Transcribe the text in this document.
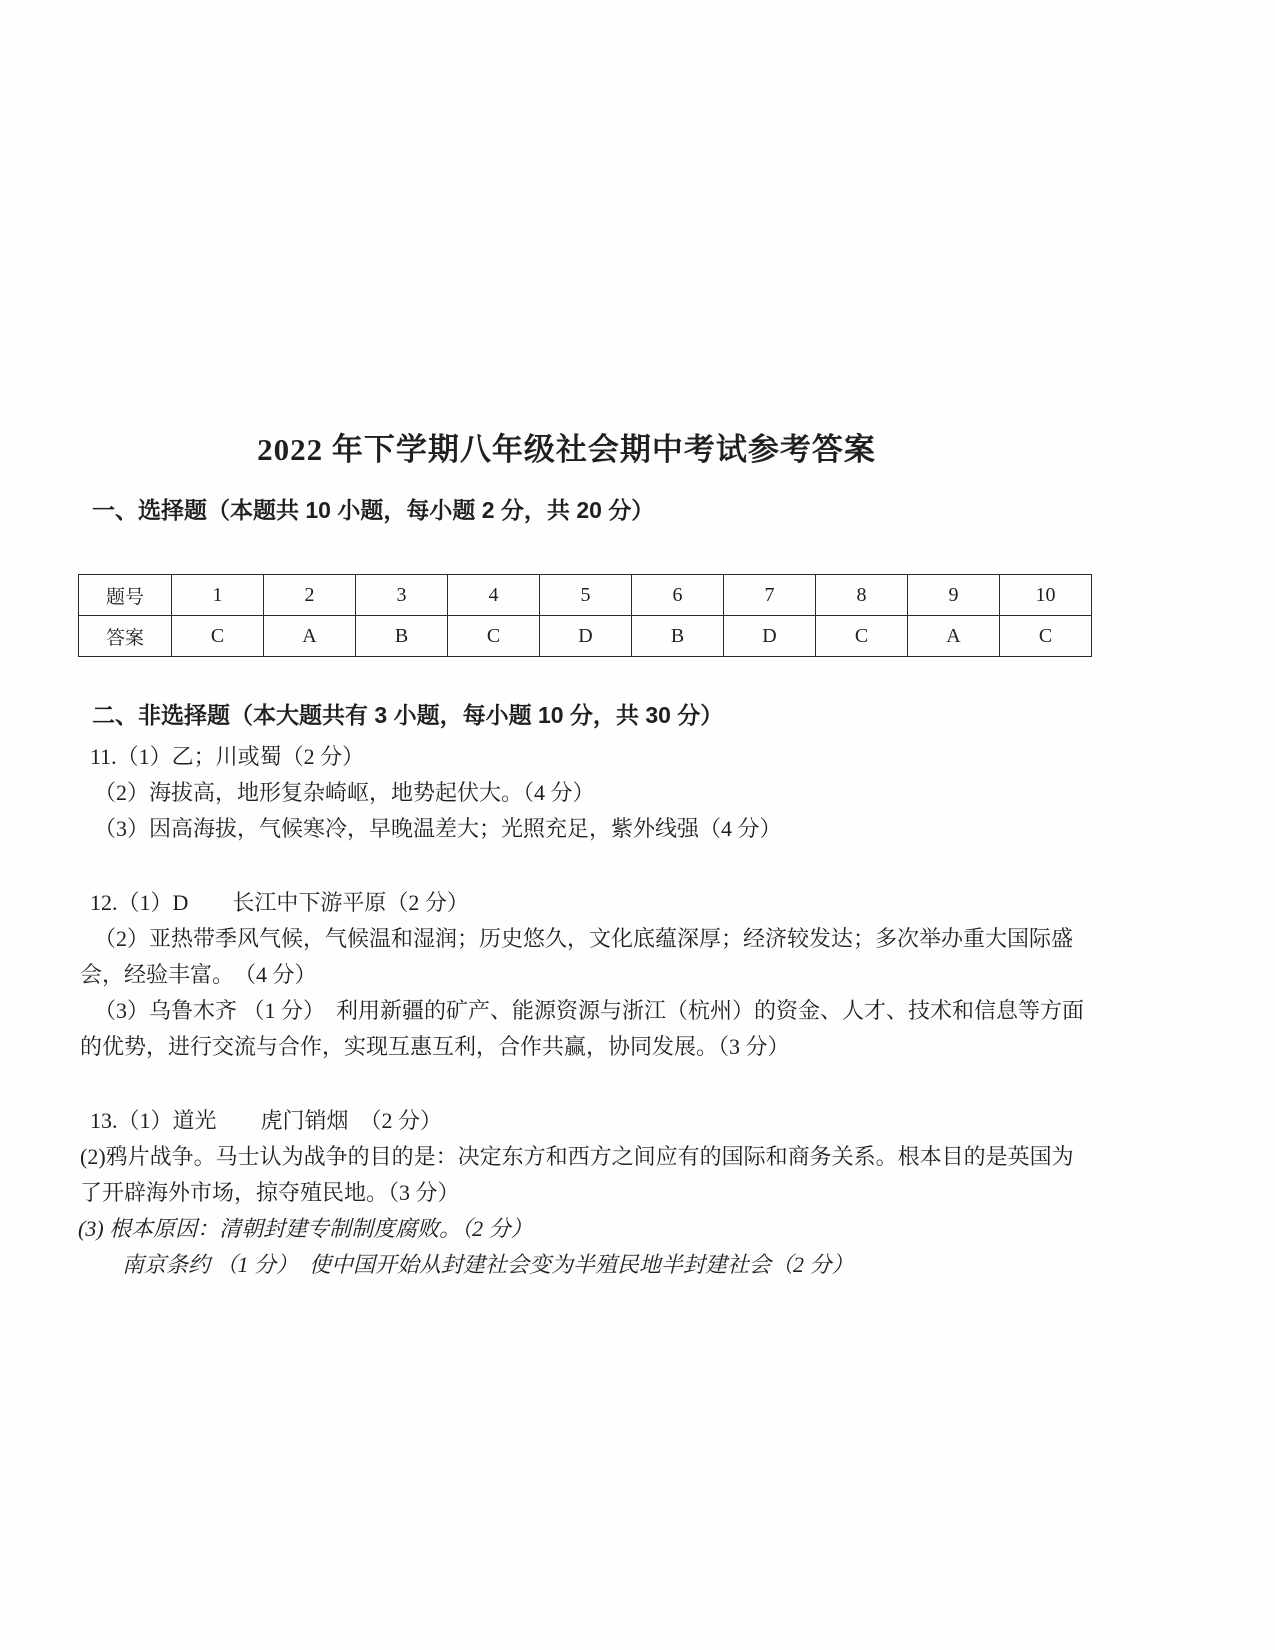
2022 年下学期八年级社会期中考试参考答案
一、选择题（本题共 10 小题，每小题 2 分，共 20 分）
题号	1	2	3	4	5	6	7	8	9	10
答案	C	A	B	C	D	B	D	C	A	C
二、非选择题（本大题共有 3 小题，每小题 10 分，共 30 分）

11.（1）乙；川或蜀（2 分）

（2）海拔高，地形复杂崎岖，地势起伏大。（4 分）

（3）因高海拔，气候寒冷，早晚温差大；光照充足，紫外线强（4 分）

12.（1）D　　长江中下游平原（2 分）

（2）亚热带季风气候，气候温和湿润；历史悠久，文化底蕴深厚；经济较发达；多次举办重大国际盛会，经验丰富。　（4 分）

（3）乌鲁木齐 （1 分）　利用新疆的矿产、能源资源与浙江（杭州）的资金、人才、技术和信息等方面的优势，进行交流与合作，实现互惠互利，合作共赢，协同发展。（3 分）

13.（1）道光　　虎门销烟　（2 分）

(2)鸦片战争。马士认为战争的目的是：决定东方和西方之间应有的国际和商务关系。根本目的是英国为了开辟海外市场，掠夺殖民地。（3 分）

(3) 根本原因：清朝封建专制制度腐败。（2 分）

南京条约 （1 分）　使中国开始从封建社会变为半殖民地半封建社会（2 分）
